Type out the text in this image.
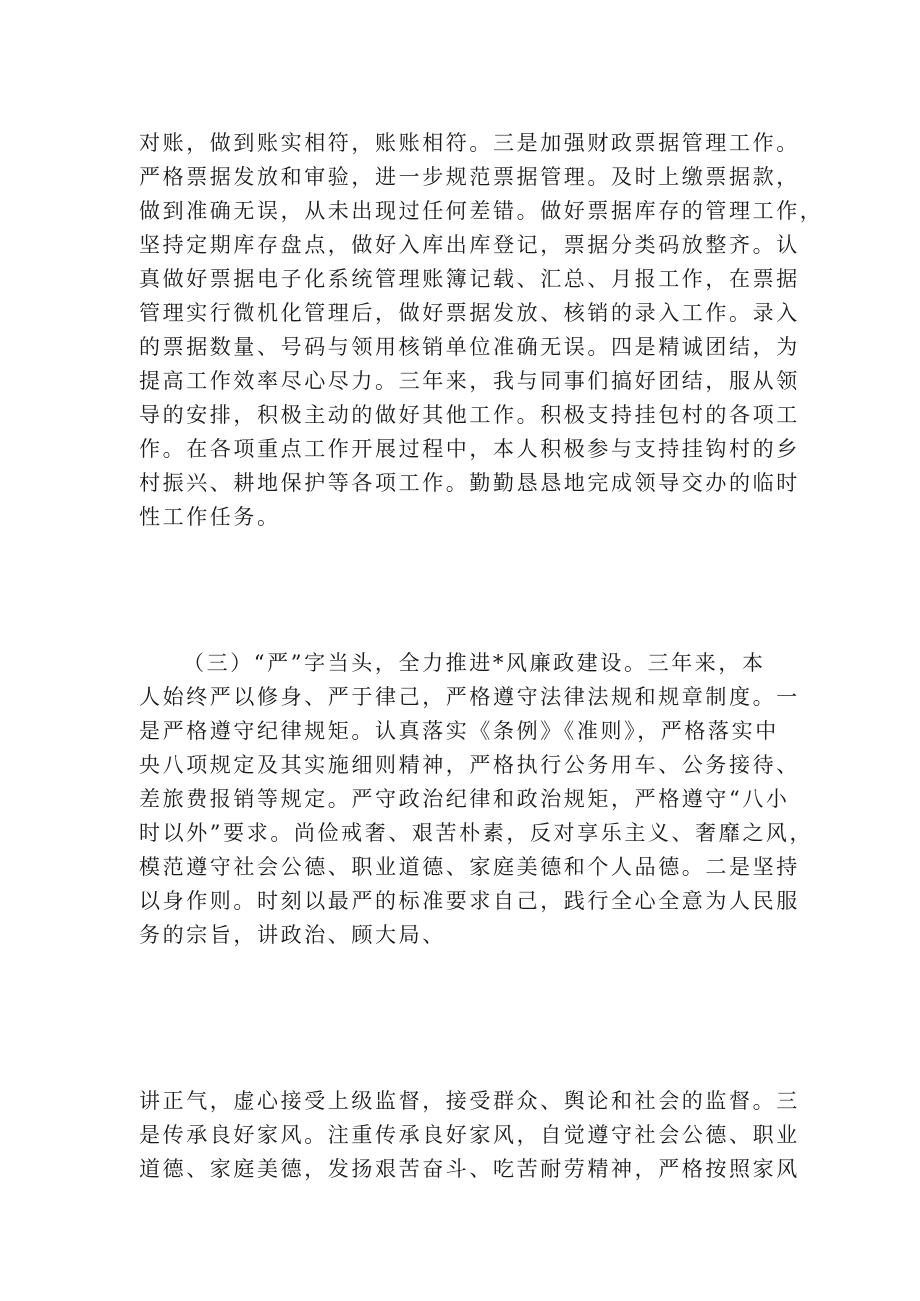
对账，做到账实相符，账账相符。三是加强财政票据管理工作。
严格票据发放和审验，进一步规范票据管理。及时上缴票据款，
做到准确无误，从未出现过任何差错。做好票据库存的管理工作，
坚持定期库存盘点，做好入库出库登记，票据分类码放整齐。认
真做好票据电子化系统管理账簿记载、汇总、月报工作，在票据
管理实行微机化管理后，做好票据发放、核销的录入工作。录入
的票据数量、号码与领用核销单位准确无误。四是精诚团结，为
提高工作效率尽心尽力。三年来，我与同事们搞好团结，服从领
导的安排，积极主动的做好其他工作。积极支持挂包村的各项工
作。在各项重点工作开展过程中，本人积极参与支持挂钩村的乡
村振兴、耕地保护等各项工作。勤勤恳恳地完成领导交办的临时
性工作任务。
（三）“严”字当头，全力推进*风廉政建设。三年来，本
人始终严以修身、严于律己，严格遵守法律法规和规章制度。一
是严格遵守纪律规矩。认真落实《条例》《准则》，严格落实中
央八项规定及其实施细则精神，严格执行公务用车、公务接待、
差旅费报销等规定。严守政治纪律和政治规矩，严格遵守“八小
时以外”要求。尚俭戒奢、艰苦朴素，反对享乐主义、奢靡之风，
模范遵守社会公德、职业道德、家庭美德和个人品德。二是坚持
以身作则。时刻以最严的标准要求自己，践行全心全意为人民服
务的宗旨，讲政治、顾大局、
讲正气，虚心接受上级监督，接受群众、舆论和社会的监督。三
是传承良好家风。注重传承良好家风，自觉遵守社会公德、职业
道德、家庭美德，发扬艰苦奋斗、吃苦耐劳精神，严格按照家风
